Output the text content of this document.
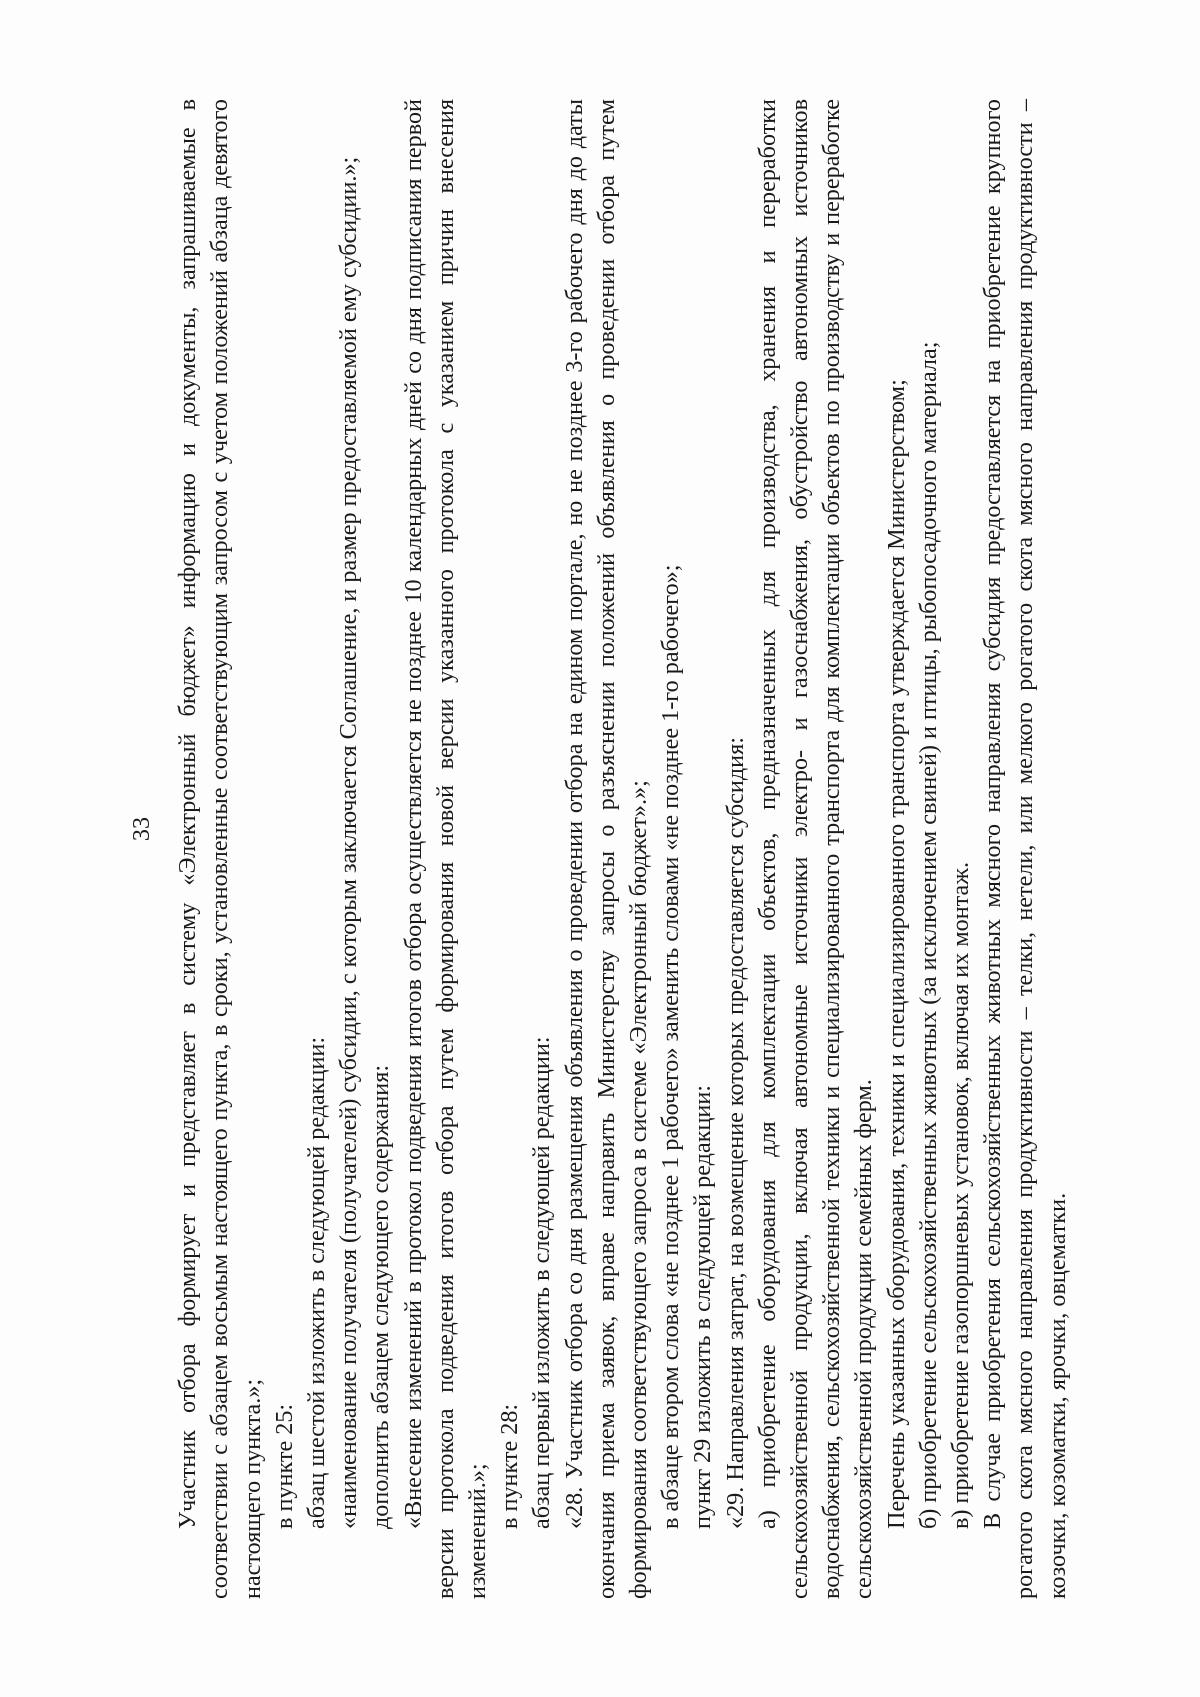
33 Участник отбора формирует и представляет в систему «Электронный бюджет» информацию и документы, запрашиваемые в соответствии с абзацем восьмым настоящего пункта, в сроки, установленные соответствующим запросом с учетом положений абзаца девятого настоящего пункта.»; в пункте 25: абзац шестой изложить в следующей редакции: «наименование получателя (получателей) субсидии, с которым заключается Соглашение, и размер предоставляемой ему субсидии.»; дополнить абзацем следующего содержания: «Внесение изменений в протокол подведения итогов отбора осуществляется не позднее 10 календарных дней со дня подписания первой версии протокола подведения итогов отбора путем формирования новой версии указанного протокола с указанием причин внесения изменений.»; в пункте 28: абзац первый изложить в следующей редакции: «28. Участник отбора со дня размещения объявления о проведении отбора на едином портале, но не позднее 3-го рабочего дня до даты окончания приема заявок, вправе направить Министерству запросы о разъяснении положений объявления о проведении отбора путем формирования соответствующего запроса в системе «Электронный бюджет».»; в абзаце втором слова «не позднее 1 рабочего» заменить словами «не позднее 1-го рабочего»; пункт 29 изложить в следующей редакции: «29. Направления затрат, на возмещение которых предоставляется субсидия: а) приобретение оборудования для комплектации объектов, предназначенных для производства, хранения и переработки сельскохозяйственной продукции, включая автономные источники электро- и газоснабжения, обустройство автономных источников водоснабжения, сельскохозяйственной техники и специализированного транспорта для комплектации объектов по производству и переработке сельскохозяйственной продукции семейных ферм. Перечень указанных оборудования, техники и специализированного транспорта утверждается Министерством; б) приобретение сельскохозяйственных животных (за исключением свиней) и птицы, рыбопосадочного материала; в) приобретение газопоршневых установок, включая их монтаж. В случае приобретения сельскохозяйственных животных мясного направления субсидия предоставляется на приобретение крупного рогатого скота мясного направления продуктивности – телки, нетели, или мелкого рогатого скота мясного направления продуктивности – козочки, козоматки, ярочки, овцематки.
